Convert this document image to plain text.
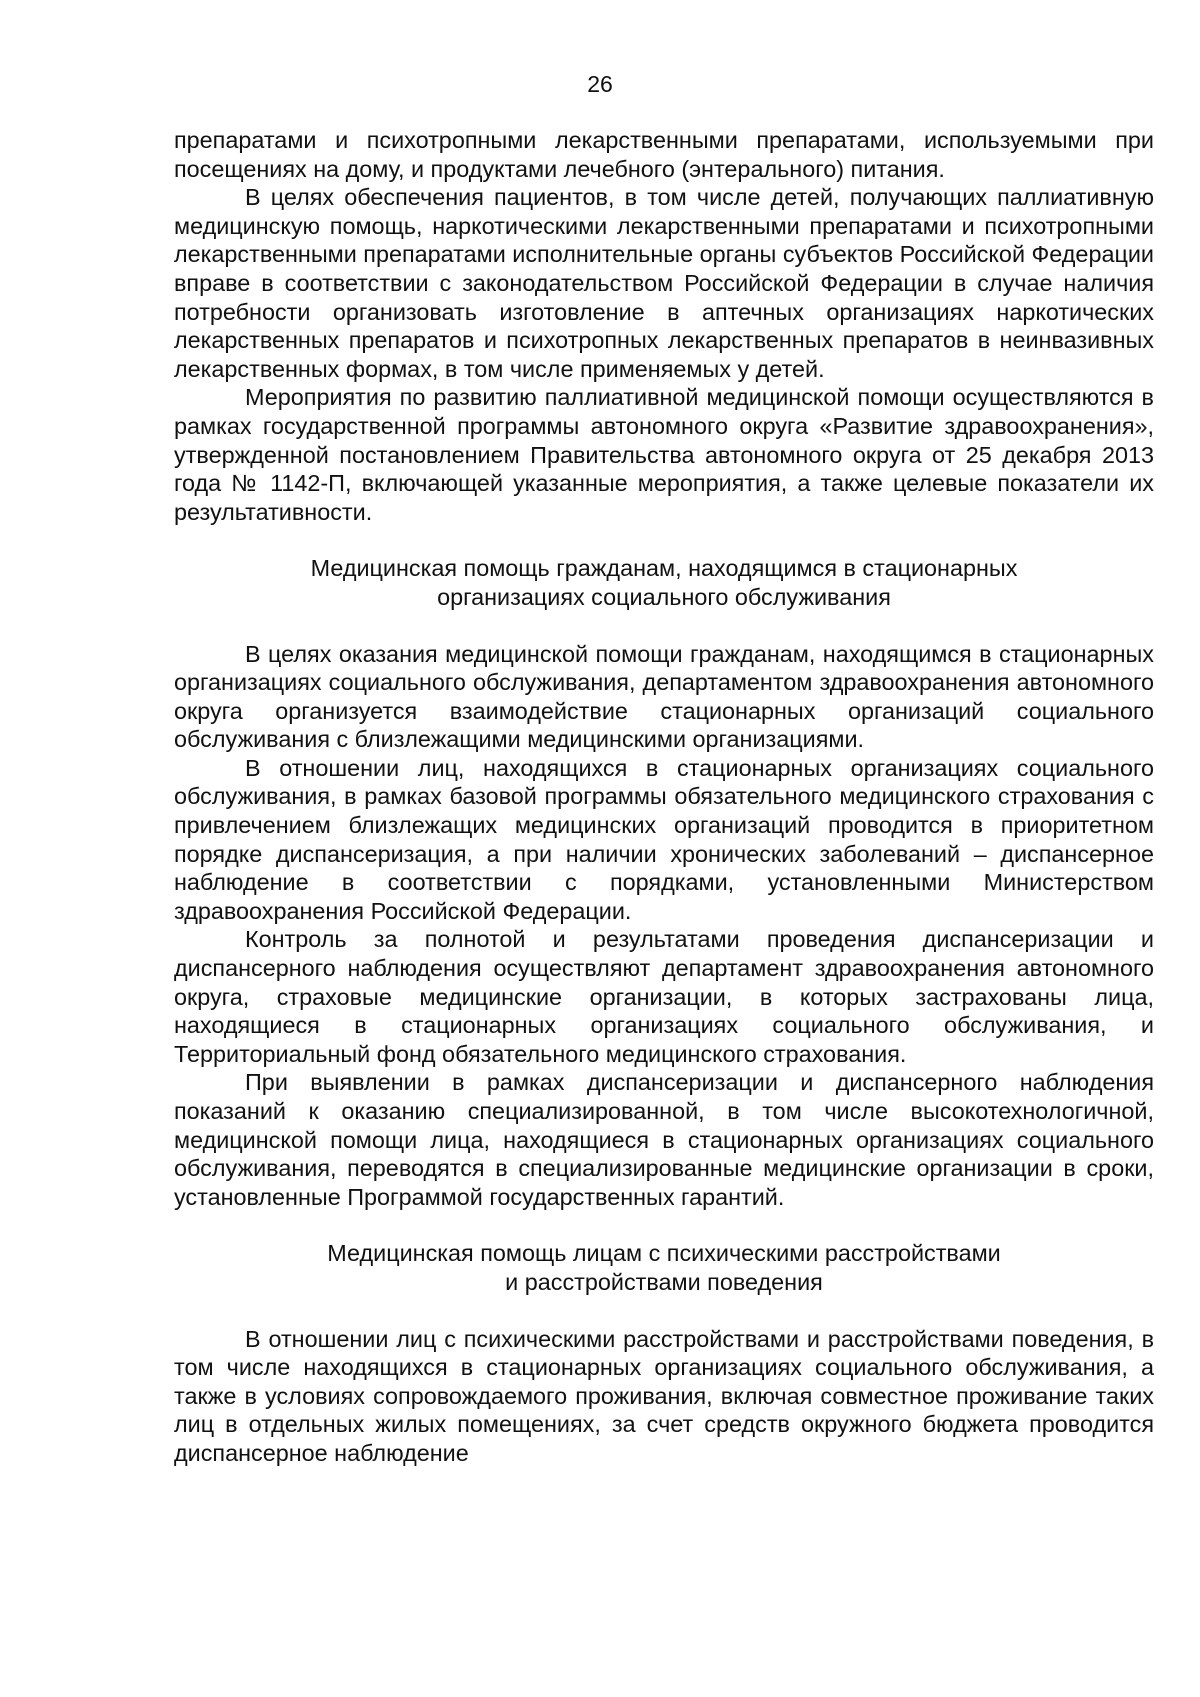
26

препаратами и психотропными лекарственными препаратами, используемыми при посещениях на дому, и продуктами лечебного (энтерального) питания.

В целях обеспечения пациентов, в том числе детей, получающих паллиативную медицинскую помощь, наркотическими лекарственными препаратами и психотропными лекарственными препаратами исполнительные органы субъектов Российской Федерации вправе в соответствии с законодательством Российской Федерации в случае наличия потребности организовать изготовление в аптечных организациях наркотических лекарственных препаратов и психотропных лекарственных препаратов в неинвазивных лекарственных формах, в том числе применяемых у детей.

Мероприятия по развитию паллиативной медицинской помощи осуществляются в рамках государственной программы автономного округа «Развитие здравоохранения», утвержденной постановлением Правительства автономного округа от 25 декабря 2013 года № 1142-П, включающей указанные мероприятия, а также целевые показатели их результативности.

Медицинская помощь гражданам, находящимся в стационарных
организациях социального обслуживания

В целях оказания медицинской помощи гражданам, находящимся в стационарных организациях социального обслуживания, департаментом здравоохранения автономного округа организуется взаимодействие стационарных организаций социального обслуживания с близлежащими медицинскими организациями.

В отношении лиц, находящихся в стационарных организациях социального обслуживания, в рамках базовой программы обязательного медицинского страхования с привлечением близлежащих медицинских организаций проводится в приоритетном порядке диспансеризация, а при наличии хронических заболеваний – диспансерное наблюдение в соответствии с порядками, установленными Министерством здравоохранения Российской Федерации.

Контроль за полнотой и результатами проведения диспансеризации и диспансерного наблюдения осуществляют департамент здравоохранения автономного округа, страховые медицинские организации, в которых застрахованы лица, находящиеся в стационарных организациях социального обслуживания, и Территориальный фонд обязательного медицинского страхования.

При выявлении в рамках диспансеризации и диспансерного наблюдения показаний к оказанию специализированной, в том числе высокотехнологичной, медицинской помощи лица, находящиеся в стационарных организациях социального обслуживания, переводятся в специализированные медицинские организации в сроки, установленные Программой государственных гарантий.

Медицинская помощь лицам с психическими расстройствами
и расстройствами поведения

В отношении лиц с психическими расстройствами и расстройствами поведения, в том числе находящихся в стационарных организациях социального обслуживания, а также в условиях сопровождаемого проживания, включая совместное проживание таких лиц в отдельных жилых помещениях, за счет средств окружного бюджета проводится диспансерное наблюдение
